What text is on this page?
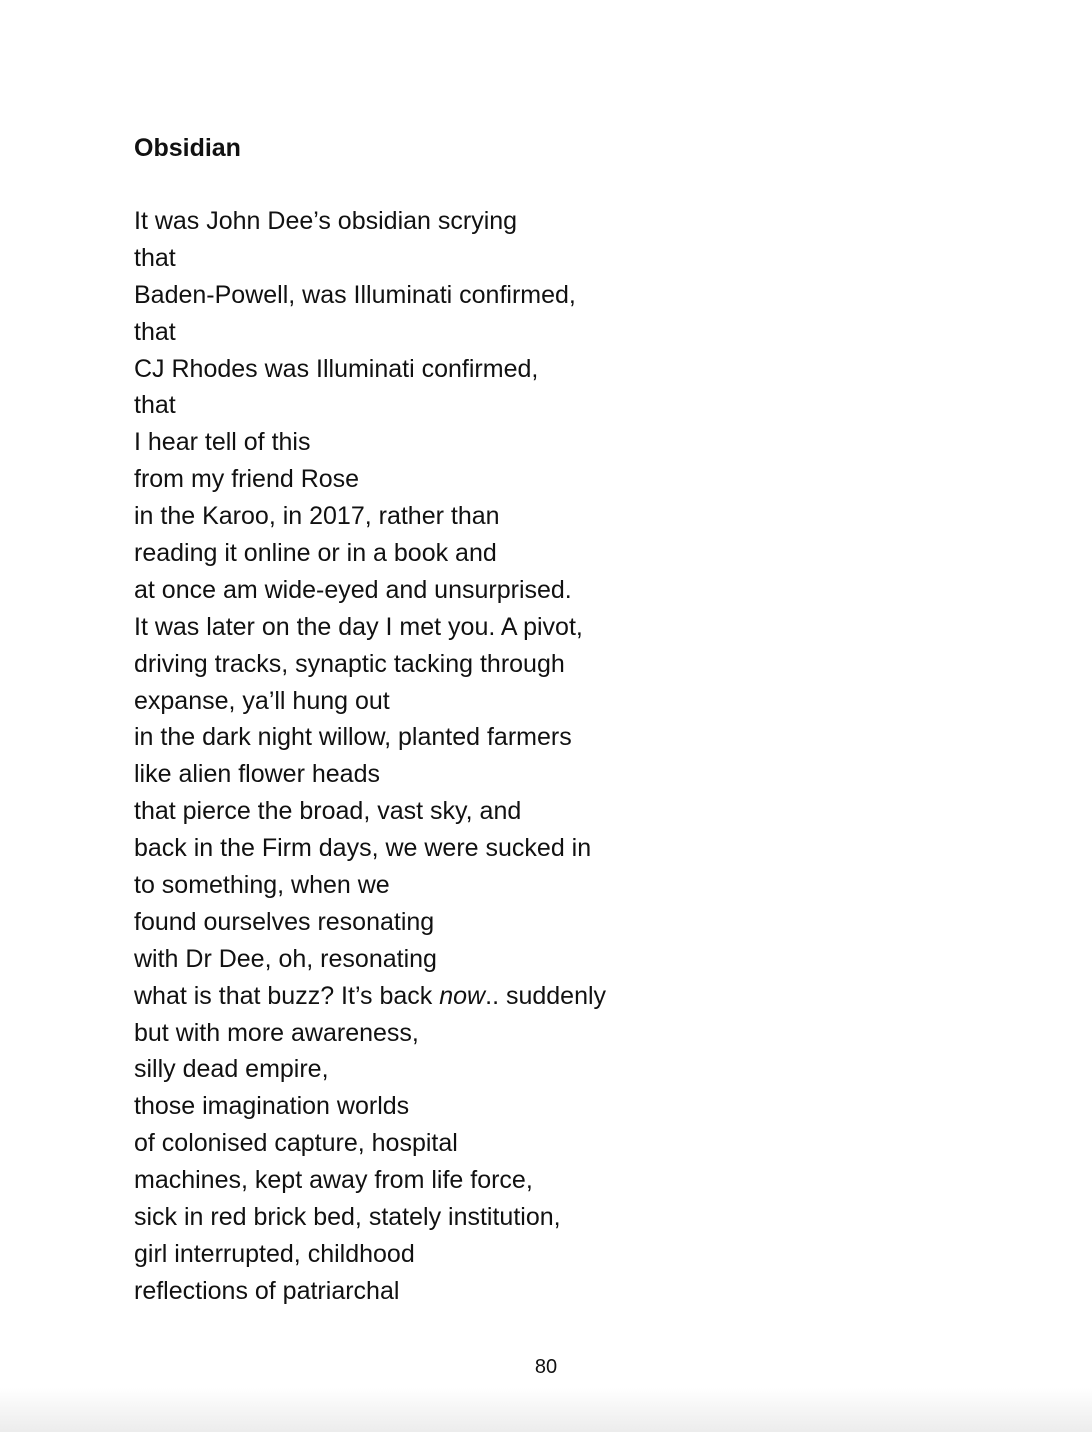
Obsidian
It was John Dee’s obsidian scrying
that
Baden-Powell, was Illuminati confirmed,
that
CJ Rhodes was Illuminati confirmed,
that
I hear tell of this
from my friend Rose
in the Karoo, in 2017, rather than
reading it online or in a book and
at once am wide-eyed and unsurprised.
It was later on the day I met you. A pivot,
driving tracks, synaptic tacking through
expanse, ya’ll hung out
in the dark night willow, planted farmers
like alien flower heads
that pierce the broad, vast sky, and
back in the Firm days, we were sucked in
to something, when we
found ourselves resonating
with Dr Dee, oh, resonating
what is that buzz? It’s back now.. suddenly
but with more awareness,
silly dead empire,
those imagination worlds
of colonised capture, hospital
machines, kept away from life force,
sick in red brick bed, stately institution,
girl interrupted, childhood
reflections of patriarchal
80
